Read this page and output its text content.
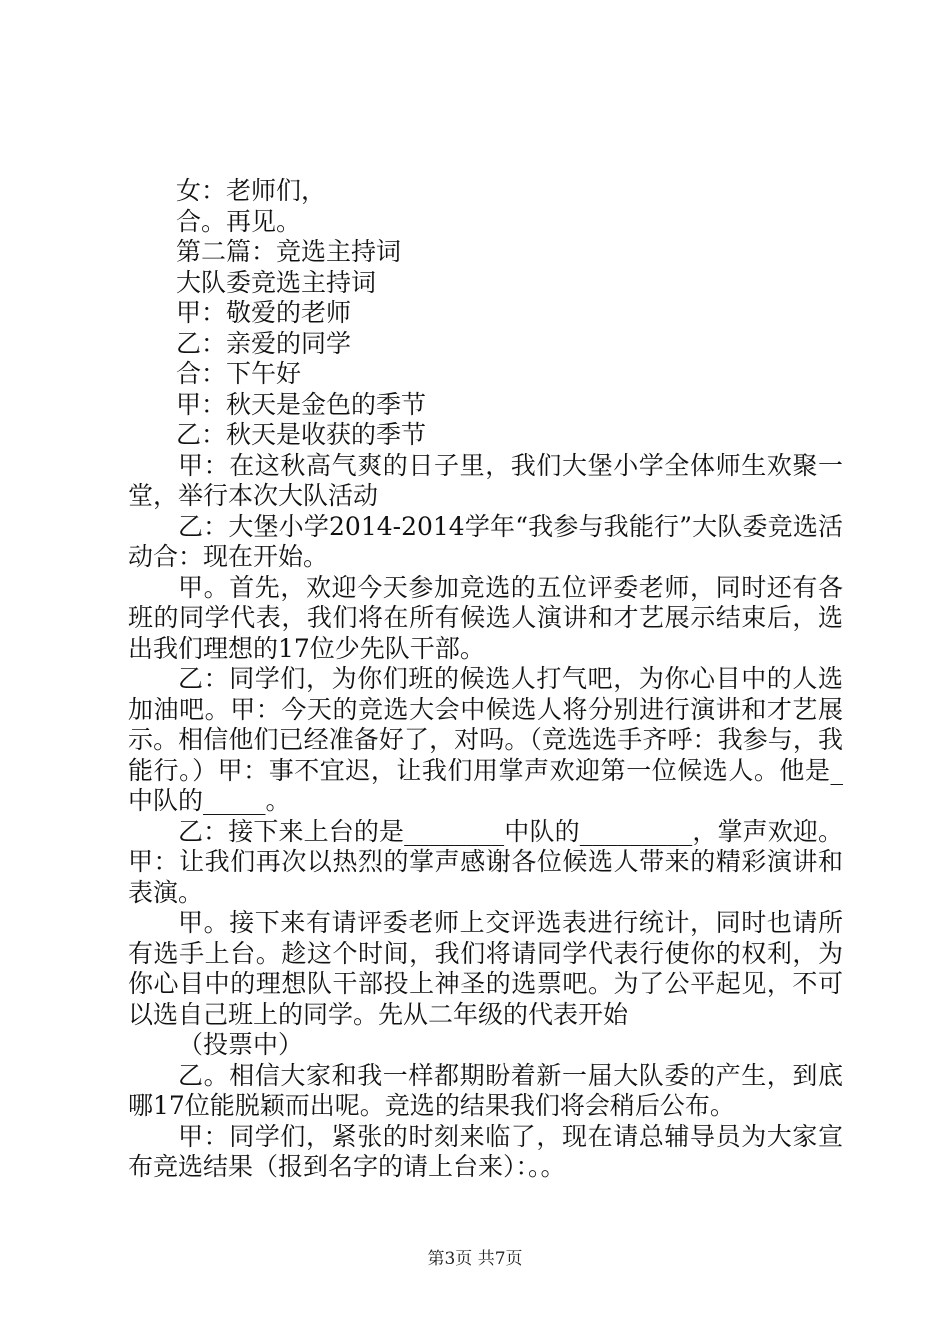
女：老师们，
合。再见。
第二篇：竞选主持词
大队委竞选主持词
甲：敬爱的老师
乙：亲爱的同学
合：下午好
甲：秋天是金色的季节
乙：秋天是收获的季节

甲：在这秋高气爽的日子里，我们大堡小学全体师生欢聚一堂，举行本次大队活动

乙：大堡小学2014-2014学年“我参与我能行”大队委竞选活动合：现在开始。

甲。首先，欢迎今天参加竞选的五位评委老师，同时还有各班的同学代表，我们将在所有候选人演讲和才艺展示结束后，选出我们理想的17位少先队干部。

乙：同学们，为你们班的候选人打气吧，为你心目中的人选加油吧。甲：今天的竞选大会中候选人将分别进行演讲和才艺展示。相信他们已经准备好了，对吗。（竞选选手齐呼：我参与，我能行。）甲：事不宜迟，让我们用掌声欢迎第一位候选人。他是_中队的_____。

乙：接下来上台的是________中队的_________，掌声欢迎。甲：让我们再次以热烈的掌声感谢各位候选人带来的精彩演讲和表演。

甲。接下来有请评委老师上交评选表进行统计，同时也请所有选手上台。趁这个时间，我们将请同学代表行使你的权利，为你心目中的理想队干部投上神圣的选票吧。为了公平起见，不可以选自己班上的同学。先从二年级的代表开始

（投票中）

乙。相信大家和我一样都期盼着新一届大队委的产生，到底哪17位能脱颖而出呢。竞选的结果我们将会稍后公布。

甲：同学们，紧张的时刻来临了，现在请总辅导员为大家宣布竞选结果（报到名字的请上台来）：。。

第3页 共7页
